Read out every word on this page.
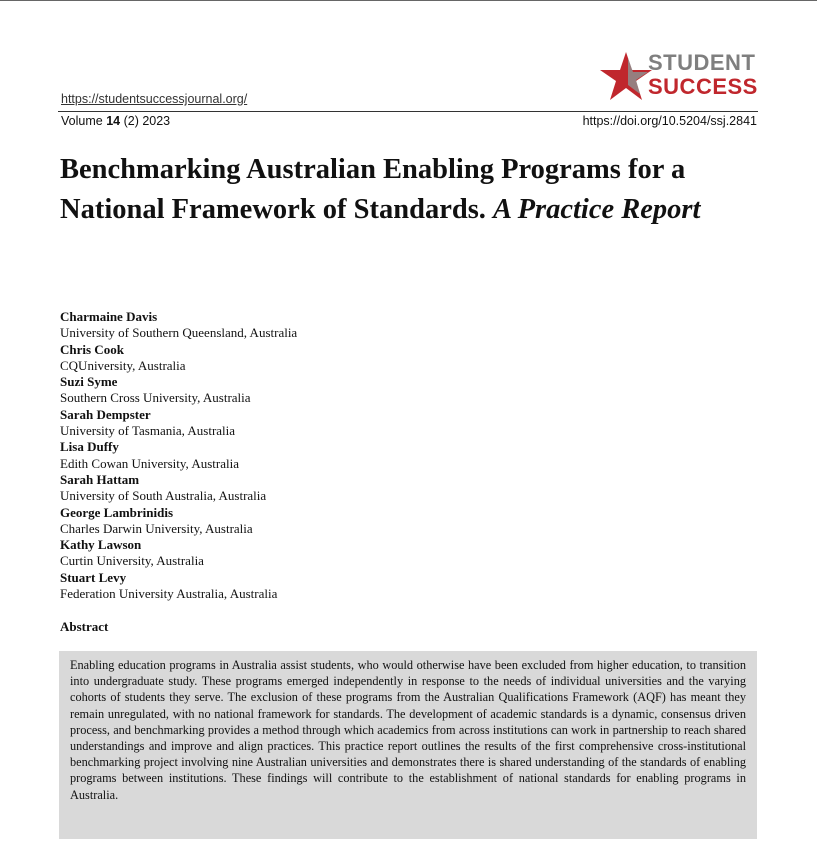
STUDENT
SUCCESS
https://studentsuccessjournal.org/
Volume 14 (2) 2023	https://doi.org/10.5204/ssj.2841
Benchmarking Australian Enabling Programs for a National Framework of Standards. A Practice Report
Charmaine Davis
University of Southern Queensland, Australia
Chris Cook
CQUniversity, Australia
Suzi Syme
Southern Cross University, Australia
Sarah Dempster
University of Tasmania, Australia
Lisa Duffy
Edith Cowan University, Australia
Sarah Hattam
University of South Australia, Australia
George Lambrinidis
Charles Darwin University, Australia
Kathy Lawson
Curtin University, Australia
Stuart Levy
Federation University Australia, Australia
Abstract

Enabling education programs in Australia assist students, who would otherwise have been excluded from higher education, to transition into undergraduate study. These programs emerged independently in response to the needs of individual universities and the varying cohorts of students they serve. The exclusion of these programs from the Australian Qualifications Framework (AQF) has meant they remain unregulated, with no national framework for standards. The development of academic standards is a dynamic, consensus driven process, and benchmarking provides a method through which academics from across institutions can work in partnership to reach shared understandings and improve and align practices. This practice report outlines the results of the first comprehensive cross-institutional benchmarking project involving nine Australian universities and demonstrates there is shared understanding of the standards of enabling programs between institutions. These findings will contribute to the establishment of national standards for enabling programs in Australia.
